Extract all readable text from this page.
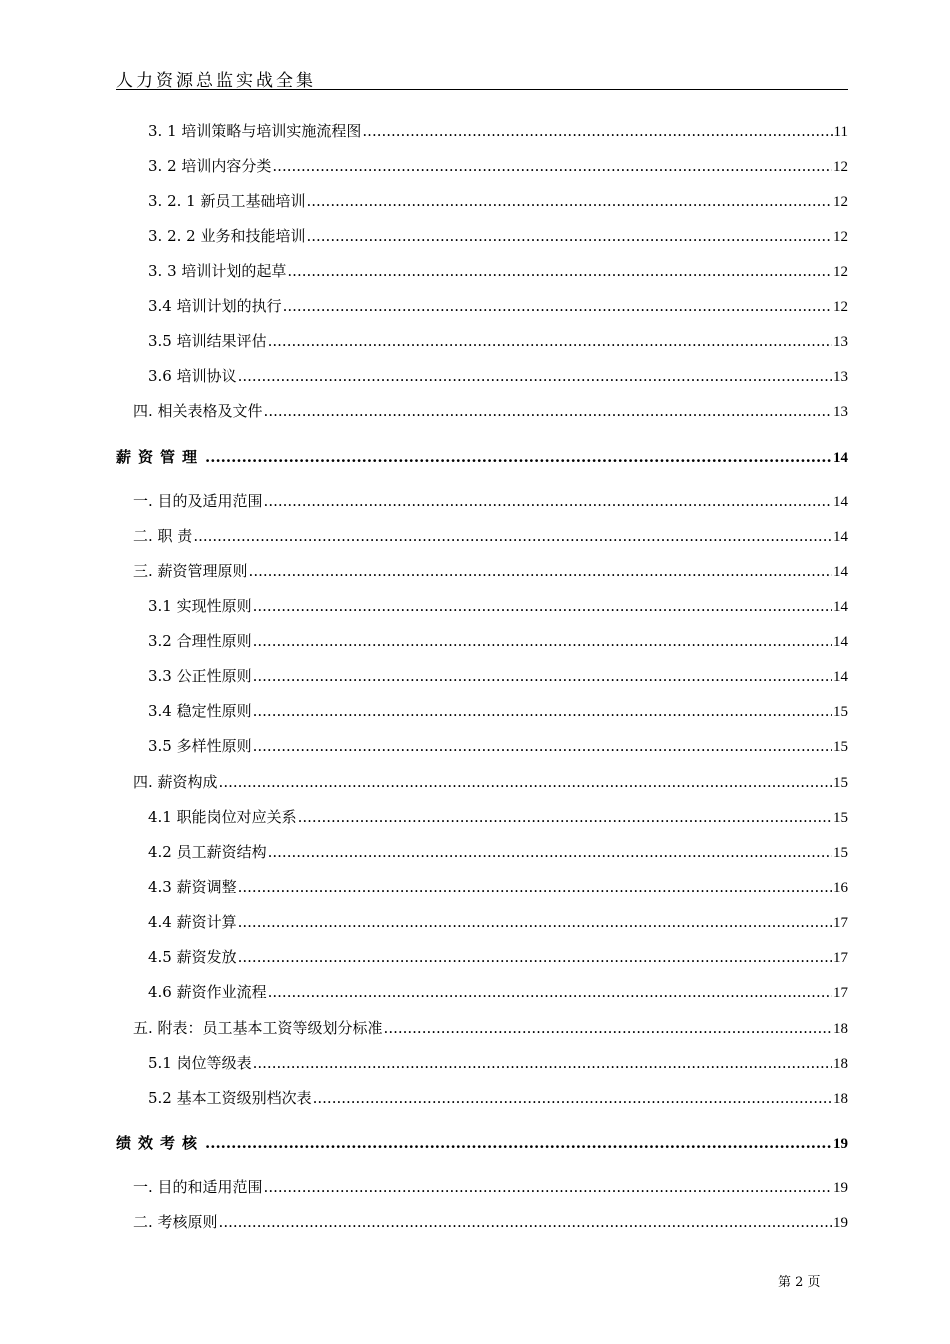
人力资源总监实战全集
3. 1 培训策略与培训实施流程图 .....	11
3. 2 培训内容分类 .....	12
3. 2. 1 新员工基础培训 .....	12
3. 2. 2 业务和技能培训 .....	12
3. 3 培训计划的起草 .....	12
3.4 培训计划的执行 .....	12
3.5 培训结果评估 .....	13
3.6 培训协议 .....	13
四. 相关表格及文件 .....	13
薪资管理 .....	14
一. 目的及适用范围 .....	14
二. 职 责 .....	14
三. 薪资管理原则 .....	14
3.1 实现性原则 .....	14
3.2 合理性原则 .....	14
3.3 公正性原则 .....	14
3.4 稳定性原则 .....	15
3.5 多样性原则 .....	15
四. 薪资构成 .....	15
4.1 职能岗位对应关系 .....	15
4.2 员工薪资结构 .....	15
4.3 薪资调整 .....	16
4.4 薪资计算 .....	17
4.5 薪资发放 .....	17
4.6 薪资作业流程 .....	17
五. 附表：员工基本工资等级划分标准 .....	18
5.1 岗位等级表 .....	18
5.2 基本工资级别档次表 .....	18
绩效考核 .....	19
一. 目的和适用范围 .....	19
二. 考核原则 .....	19
第 2 页
